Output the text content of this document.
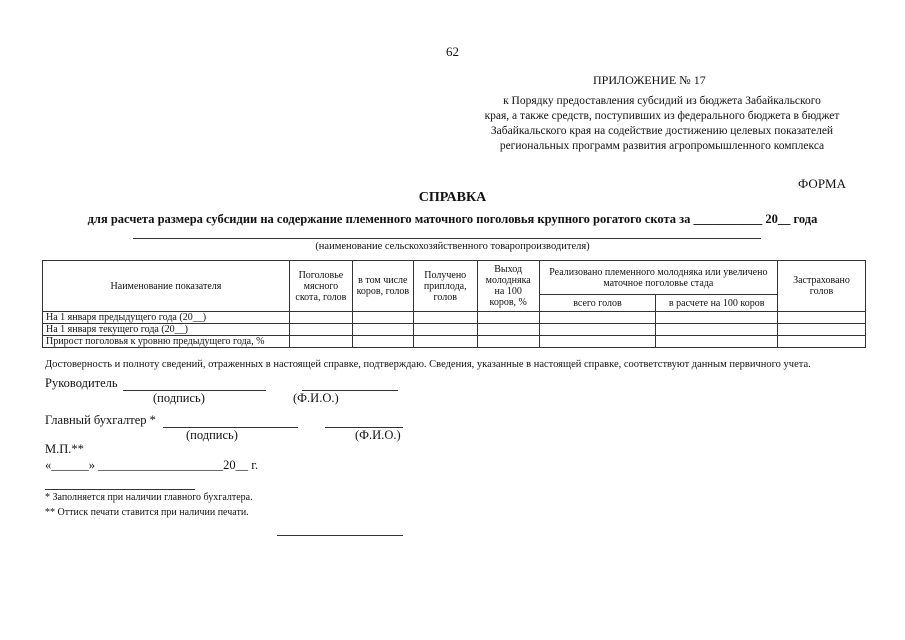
62
ПРИЛОЖЕНИЕ № 17
к Порядку предоставления субсидий из бюджета Забайкальского
края, а также средств, поступивших из федерального бюджета в бюджет
Забайкальского края на содействие достижению целевых показателей
региональных программ развития агропромышленного комплекса
ФОРМА
СПРАВКА
для расчета размера субсидии на содержание племенного маточного поголовья крупного рогатого скота за ___________ 20__ года
(наименование сельскохозяйственного товаропроизводителя)
Наименование показателя	Поголовье мясного скота, голов	в том числе коров, голов	Получено приплода, голов	Выход молодняка на 100 коров, %	Реализовано племенного молодняка или увеличено маточное поголовье стада		Застраховано голов
					всего голов	в расчете на 100 коров	
На 1 января предыдущего года (20__)							
На 1 января текущего года (20__)							
Прирост поголовья к уровню предыдущего года, %							
Достоверность и полноту сведений, отраженных в настоящей справке, подтверждаю. Сведения, указанные в настоящей справке, соответствуют данным первичного учета.
Руководитель
(подпись)	(Ф.И.О.)
Главный бухгалтер *
(подпись)	(Ф.И.О.)
М.П.**
«______» ____________________20__ г.
* Заполняется при наличии главного бухгалтера.
** Оттиск печати ставится при наличии печати.
